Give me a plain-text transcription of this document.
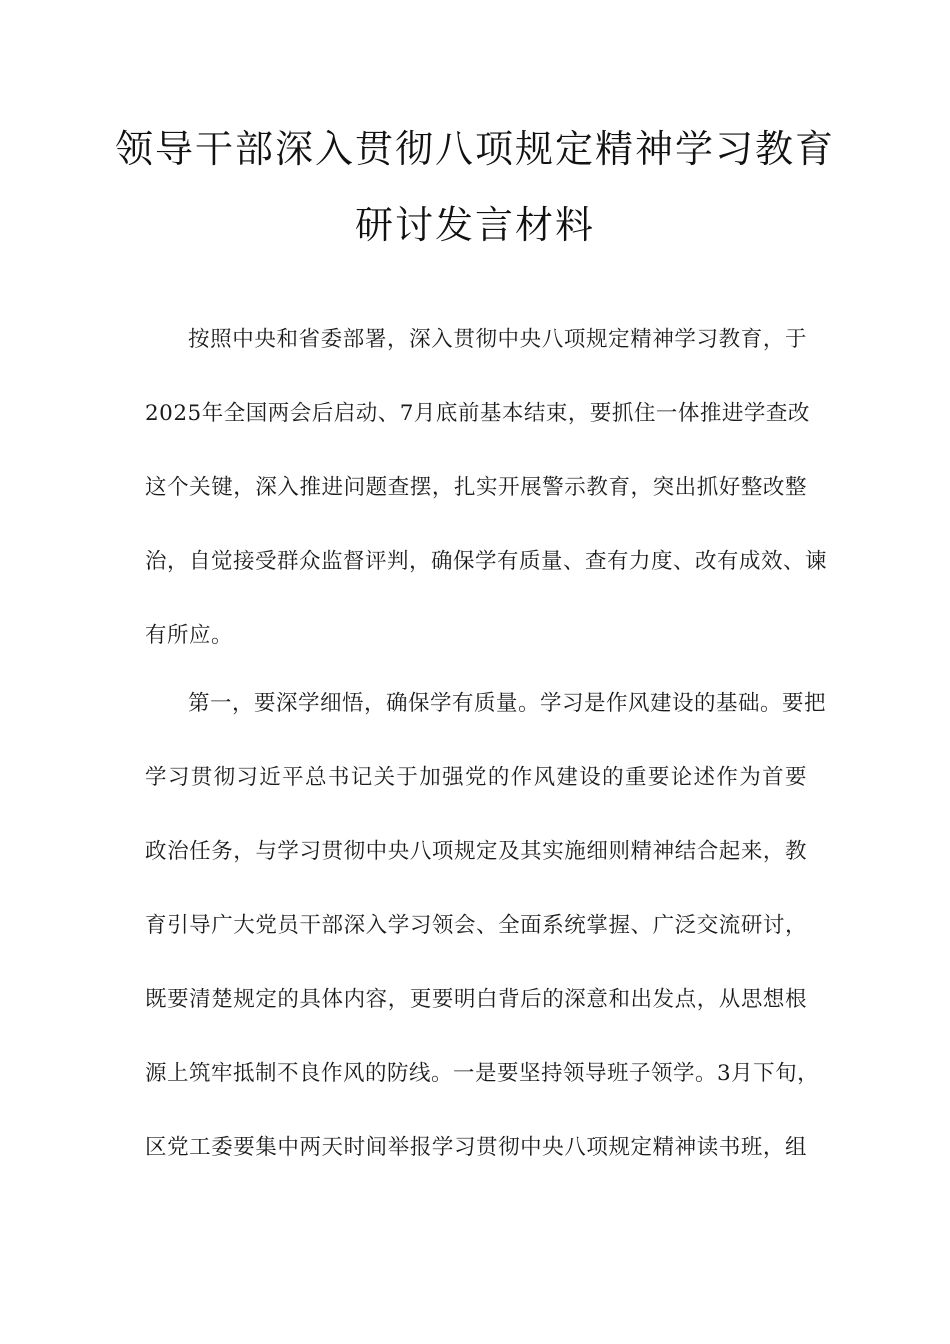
领导干部深入贯彻八项规定精神学习教育
研讨发言材料
按照中央和省委部署，深入贯彻中央八项规定精神学习教育，于
2025年全国两会后启动、7月底前基本结束，要抓住一体推进学查改
这个关键，深入推进问题查摆，扎实开展警示教育，突出抓好整改整
治，自觉接受群众监督评判，确保学有质量、查有力度、改有成效、谏
有所应。
第一，要深学细悟，确保学有质量。学习是作风建设的基础。要把
学习贯彻习近平总书记关于加强党的作风建设的重要论述作为首要
政治任务，与学习贯彻中央八项规定及其实施细则精神结合起来，教
育引导广大党员干部深入学习领会、全面系统掌握、广泛交流研讨，
既要清楚规定的具体内容，更要明白背后的深意和出发点，从思想根
源上筑牢抵制不良作风的防线。一是要坚持领导班子领学。3月下旬，
区党工委要集中两天时间举报学习贯彻中央八项规定精神读书班，组
